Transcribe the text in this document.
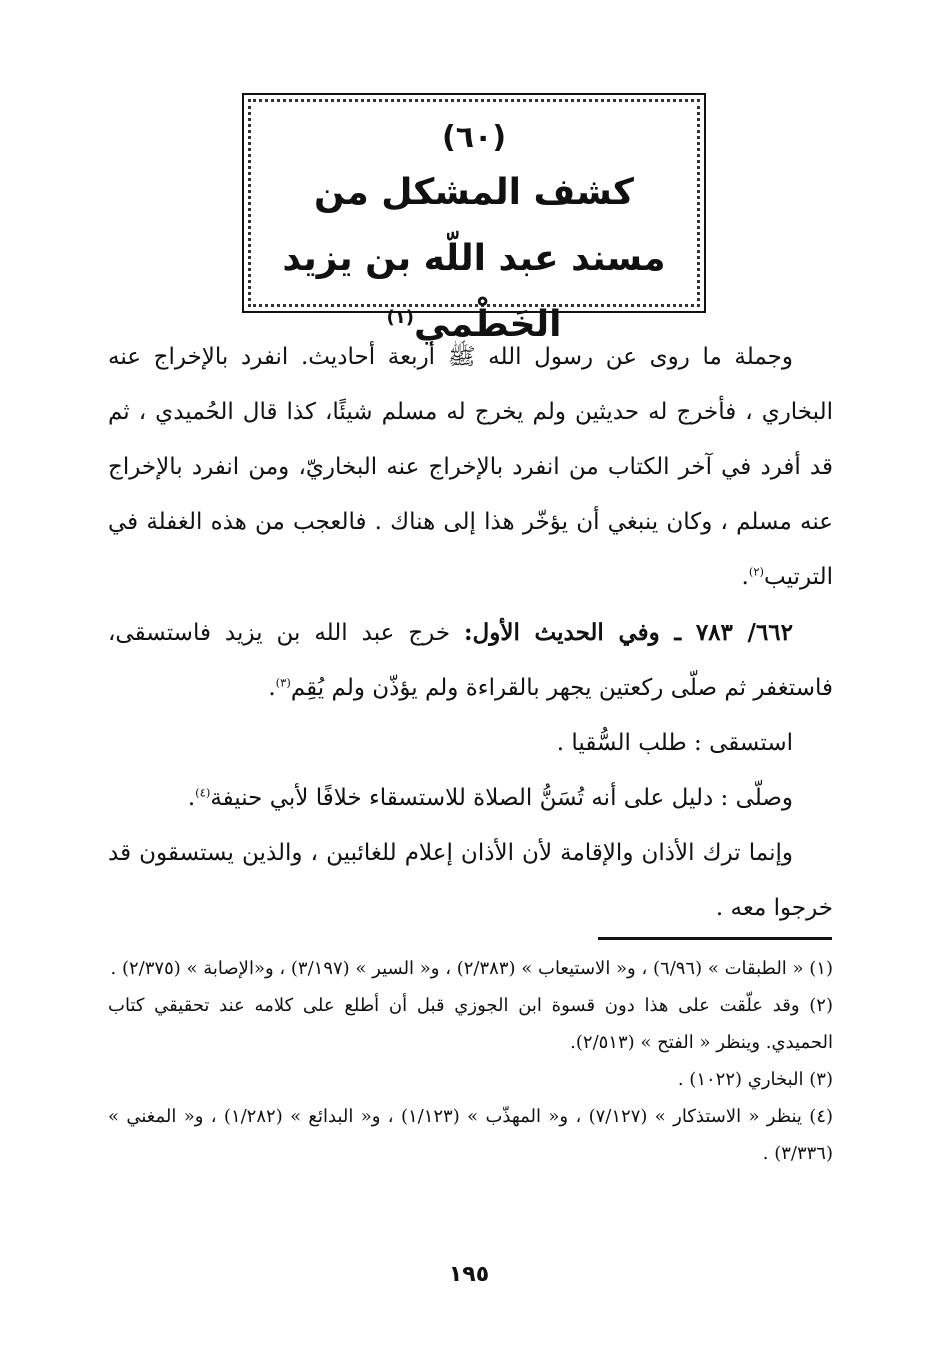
(٦٠)
كشف المشكل من
مسند عبد اللّه بن يزيد الخَطْمي$^{(١)}$

وجملة ما روى عن رسول الله ﷺ أربعة أحاديث. انفرد بالإخراج عنه البخاري ، فأخرج له حديثين ولم يخرج له مسلم شيئًا، كذا قال الحُميدي ، ثم قد أفرد في آخر الكتاب من انفرد بالإخراج عنه البخاريّ، ومن انفرد بالإخراج عنه مسلم ، وكان ينبغي أن يؤخّر هذا إلى هناك . فالعجب من هذه الغفلة في الترتيب$^{(٢)}$.

٦٦٢/ ٧٨٣ ـ وفي الحديث الأول: خرج عبد الله بن يزيد فاستسقى، فاستغفر ثم صلّى ركعتين يجهر بالقراءة ولم يؤذّن ولم يُقِم$^{(٣)}$.

استسقى : طلب السُّقيا .

وصلّى : دليل على أنه تُسَنُّ الصلاة للاستسقاء خلافًا لأبي حنيفة$^{(٤)}$.

وإنما ترك الأذان والإقامة لأن الأذان إعلام للغائبين ، والذين يستسقون قد خرجوا معه .

(١) « الطبقات » (٦/٩٦) ، و« الاستيعاب » (٢/٣٨٣) ، و« السير » (٣/١٩٧) ، و«الإصابة » (٢/٣٧٥) .

(٢) وقد علّقت على هذا دون قسوة ابن الجوزي قبل أن أطلع على كلامه عند تحقيقي كتاب الحميدي. وينظر « الفتح » (٢/٥١٣).

(٣) البخاري (١٠٢٢) .

(٤) ينظر « الاستذكار » (٧/١٢٧) ، و« المهذّب » (١/١٢٣) ، و« البدائع » (١/٢٨٢) ، و« المغني » (٣/٣٣٦) .

١٩٥
